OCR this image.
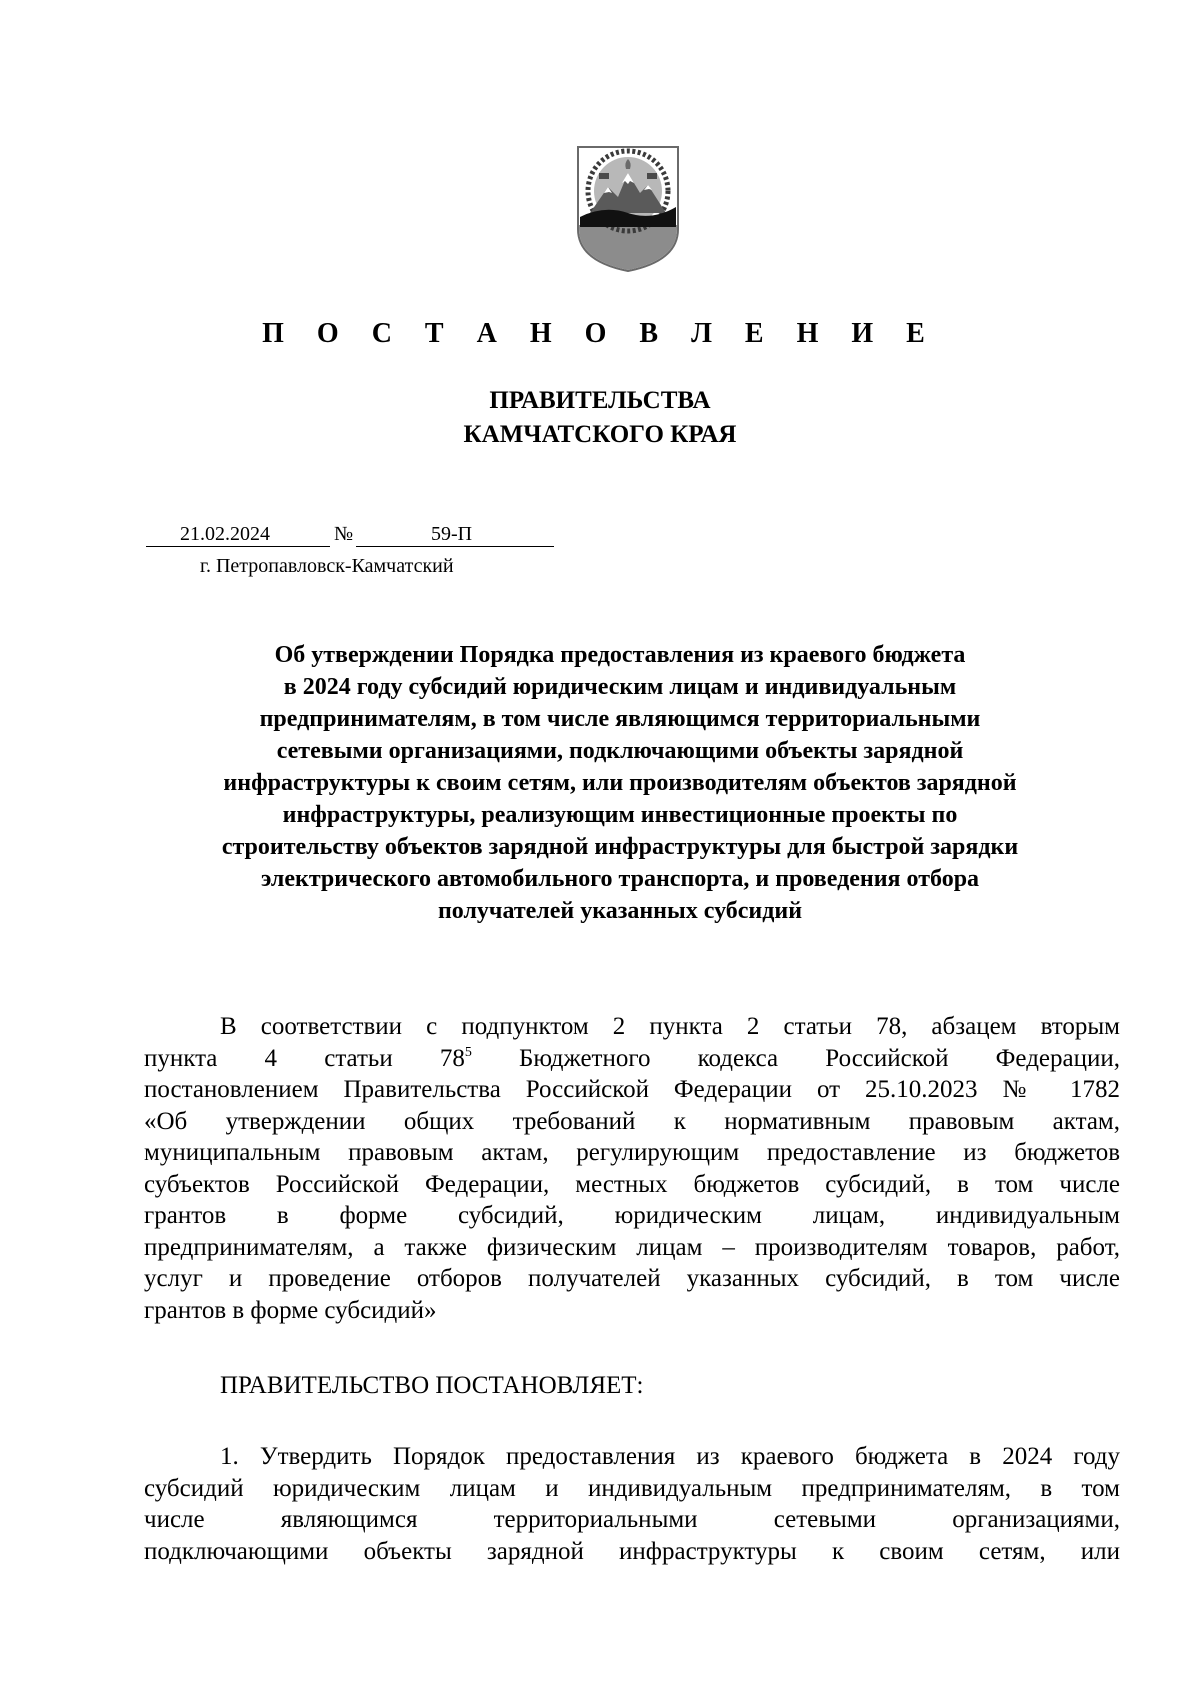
П О С Т А Н О В Л Е Н И Е
ПРАВИТЕЛЬСТВА
КАМЧАТСКОГО КРАЯ
21.02.2024	№	59-П
г. Петропавловск-Камчатский
Об утверждении Порядка предоставления из краевого бюджета
в 2024 году субсидий юридическим лицам и индивидуальным
предпринимателям, в том числе являющимся территориальными
сетевыми организациями, подключающими объекты зарядной
инфраструктуры к своим сетям, или производителям объектов зарядной
инфраструктуры, реализующим инвестиционные проекты по
строительству объектов зарядной инфраструктуры для быстрой зарядки
электрического автомобильного транспорта, и проведения отбора
получателей указанных субсидий
В соответствии с подпунктом 2 пункта 2 статьи 78, абзацем вторым
пункта 4 статьи $78^5$ Бюджетного кодекса Российской Федерации,
постановлением Правительства Российской Федерации от 25.10.2023 № 1782
«Об утверждении общих требований к нормативным правовым актам,
муниципальным правовым актам, регулирующим предоставление из бюджетов
субъектов Российской Федерации, местных бюджетов субсидий, в том числе
грантов в форме субсидий, юридическим лицам, индивидуальным
предпринимателям, а также физическим лицам – производителям товаров, работ,
услуг и проведение отборов получателей указанных субсидий, в том числе
грантов в форме субсидий»
ПРАВИТЕЛЬСТВО ПОСТАНОВЛЯЕТ:
1. Утвердить Порядок предоставления из краевого бюджета в 2024 году
субсидий юридическим лицам и индивидуальным предпринимателям, в том
числе являющимся территориальными сетевыми организациями,
подключающими объекты зарядной инфраструктуры к своим сетям, или
